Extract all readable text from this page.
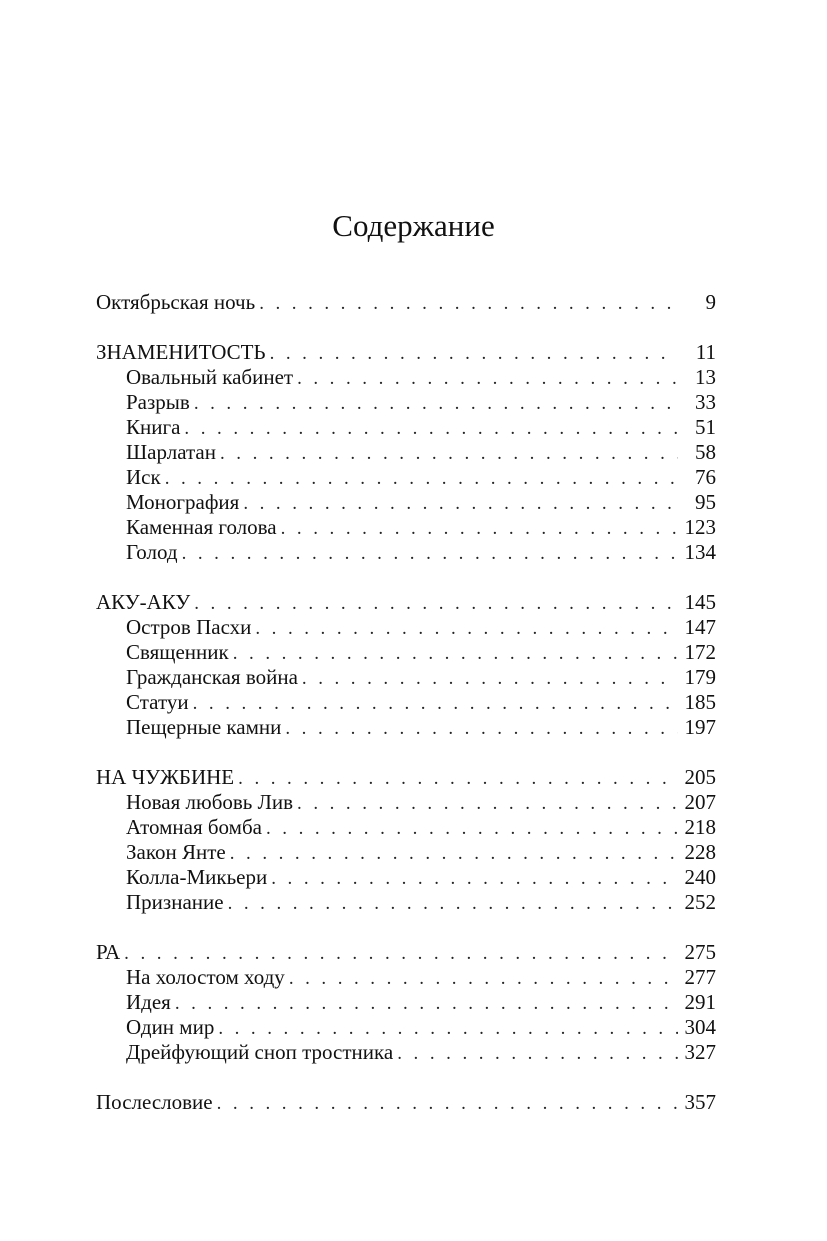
Содержание
Октябрьская ночь . . .	9
ЗНАМЕНИТОСТЬ . . .	11
Овальный кабинет . . .	13
Разрыв . . .	33
Книга . . .	51
Шарлатан . . .	58
Иск . . .	76
Монография . . .	95
Каменная голова . . .	123
Голод . . .	134
АКУ-АКУ . . .	145
Остров Пасхи . . .	147
Священник . . .	172
Гражданская война . . .	179
Статуи . . .	185
Пещерные камни . . .	197
НА ЧУЖБИНЕ . . .	205
Новая любовь Лив . . .	207
Атомная бомба . . .	218
Закон Янте . . .	228
Колла-Микьери . . .	240
Признание . . .	252
РА . . .	275
На холостом ходу . . .	277
Идея . . .	291
Один мир . . .	304
Дрейфующий сноп тростника . . .	327
Послесловие . . .	357
